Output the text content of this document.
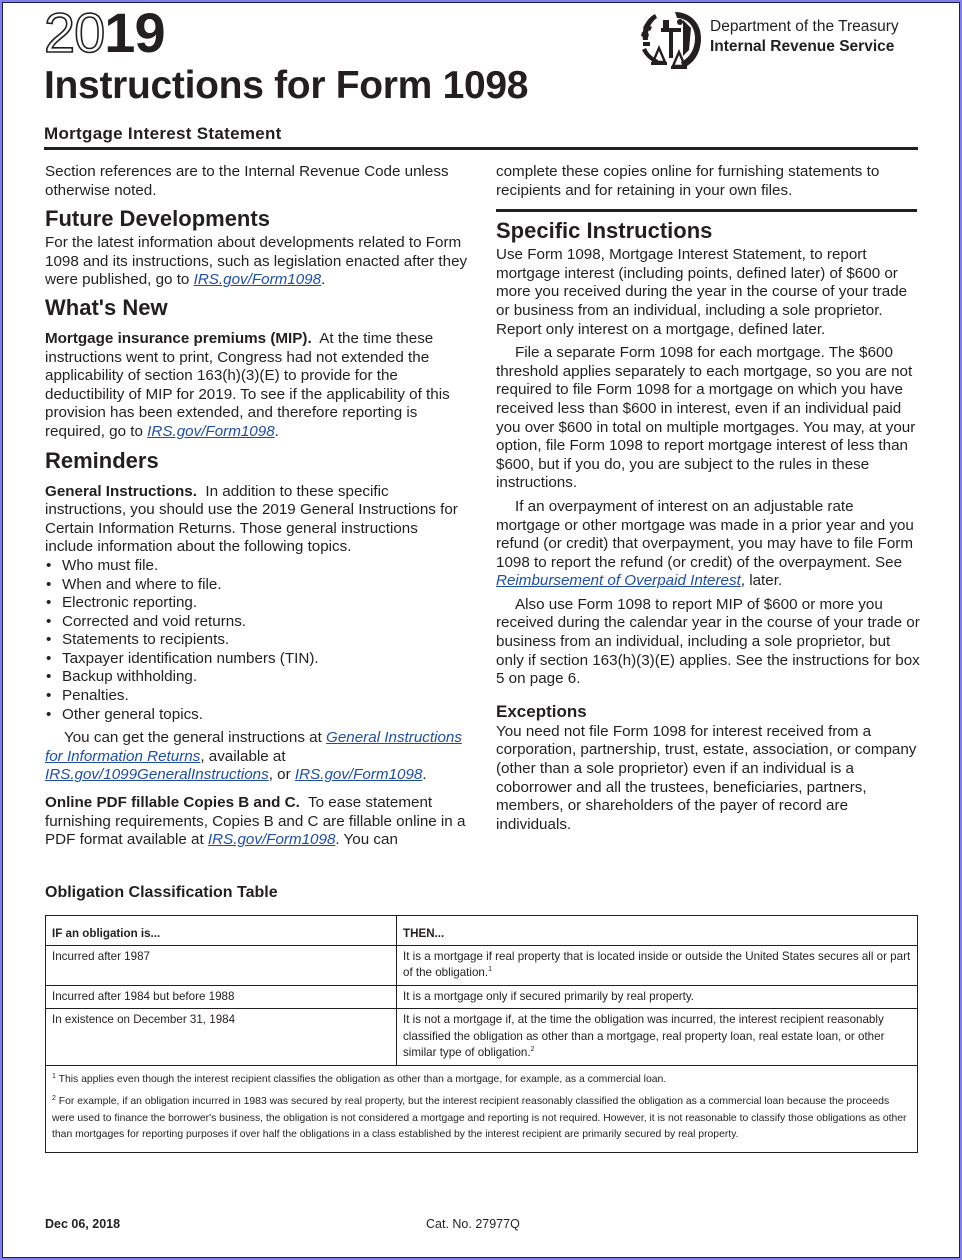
2019
Instructions for Form 1098
Mortgage Interest Statement
Department of the Treasury
Internal Revenue Service

Section references are to the Internal Revenue Code unless otherwise noted.

Future Developments

For the latest information about developments related to Form 1098 and its instructions, such as legislation enacted after they were published, go to IRS.gov/Form1098.

What's New

Mortgage insurance premiums (MIP).  At the time these instructions went to print, Congress had not extended the applicability of section 163(h)(3)(E) to provide for the deductibility of MIP for 2019. To see if the applicability of this provision has been extended, and therefore reporting is required, go to IRS.gov/Form1098.

Reminders

General Instructions.  In addition to these specific instructions, you should use the 2019 General Instructions for Certain Information Returns. Those general instructions include information about the following topics.

• Who must file.
• When and where to file.
• Electronic reporting.
• Corrected and void returns.
• Statements to recipients.
• Taxpayer identification numbers (TIN).
• Backup withholding.
• Penalties.
• Other general topics.

You can get the general instructions at General Instructions for Information Returns, available at IRS.gov/1099GeneralInstructions, or IRS.gov/Form1098.

Online PDF fillable Copies B and C.  To ease statement furnishing requirements, Copies B and C are fillable online in a PDF format available at IRS.gov/Form1098. You can

complete these copies online for furnishing statements to recipients and for retaining in your own files.

Specific Instructions

Use Form 1098, Mortgage Interest Statement, to report mortgage interest (including points, defined later) of $600 or more you received during the year in the course of your trade or business from an individual, including a sole proprietor. Report only interest on a mortgage, defined later.

File a separate Form 1098 for each mortgage. The $600 threshold applies separately to each mortgage, so you are not required to file Form 1098 for a mortgage on which you have received less than $600 in interest, even if an individual paid you over $600 in total on multiple mortgages. You may, at your option, file Form 1098 to report mortgage interest of less than $600, but if you do, you are subject to the rules in these instructions.

If an overpayment of interest on an adjustable rate mortgage or other mortgage was made in a prior year and you refund (or credit) that overpayment, you may have to file Form 1098 to report the refund (or credit) of the overpayment. See Reimbursement of Overpaid Interest, later.

Also use Form 1098 to report MIP of $600 or more you received during the calendar year in the course of your trade or business from an individual, including a sole proprietor, but only if section 163(h)(3)(E) applies. See the instructions for box 5 on page 6.

Exceptions

You need not file Form 1098 for interest received from a corporation, partnership, trust, estate, association, or company (other than a sole proprietor) even if an individual is a coborrower and all the trustees, beneficiaries, partners, members, or shareholders of the payer of record are individuals.

Obligation Classification Table
IF an obligation is...	THEN...
Incurred after 1987	It is a mortgage if real property that is located inside or outside the United States secures all or part of the obligation.$^1$
Incurred after 1984 but before 1988	It is a mortgage only if secured primarily by real property.
In existence on December 31, 1984	It is not a mortgage if, at the time the obligation was incurred, the interest recipient reasonably classified the obligation as other than a mortgage, real property loan, real estate loan, or other similar type of obligation.$^2$

$^1$ This applies even though the interest recipient classifies the obligation as other than a mortgage, for example, as a commercial loan.

$^2$ For example, if an obligation incurred in 1983 was secured by real property, but the interest recipient reasonably classified the obligation as a commercial loan because the proceeds were used to finance the borrower's business, the obligation is not considered a mortgage and reporting is not required. However, it is not reasonable to classify those obligations as other than mortgages for reporting purposes if over half the obligations in a class established by the interest recipient are primarily secured by real property.	

Dec 06, 2018	Cat. No. 27977Q
